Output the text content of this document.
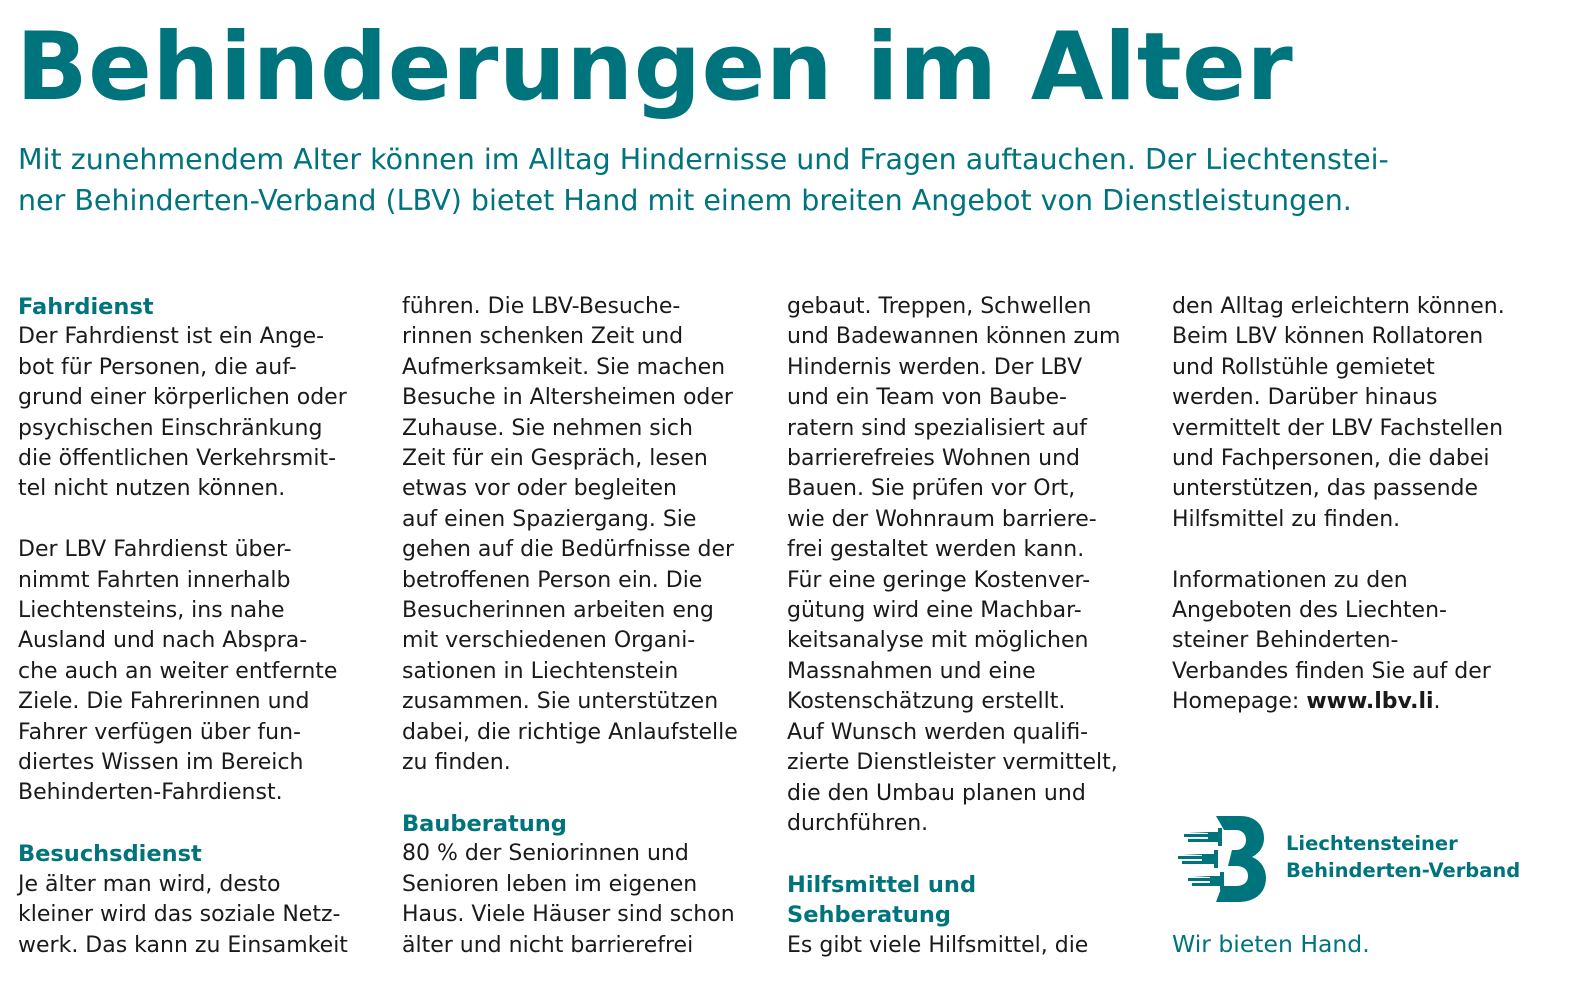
Behinderungen im Alter

Mit zunehmendem Alter können im Alltag Hindernisse und Fragen auftauchen. Der Liechtenstei-
ner Behinderten-Verband (LBV) bietet Hand mit einem breiten Angebot von Dienstleistungen.

Fahrdienst

Der Fahrdienst ist ein Ange-
bot für Personen, die auf-
grund einer körperlichen oder
psychischen Einschränkung
die öffentlichen Verkehrsmit-
tel nicht nutzen können.

Der LBV Fahrdienst über-
nimmt Fahrten innerhalb
Liechtensteins, ins nahe
Ausland und nach Abspra-
che auch an weiter entfernte
Ziele. Die Fahrerinnen und
Fahrer verfügen über fun-
diertes Wissen im Bereich
Behinderten-Fahrdienst.

Besuchsdienst

Je älter man wird, desto
kleiner wird das soziale Netz-
werk. Das kann zu Einsamkeit

führen. Die LBV-Besuche-
rinnen schenken Zeit und
Aufmerksamkeit. Sie machen
Besuche in Altersheimen oder
Zuhause. Sie nehmen sich
Zeit für ein Gespräch, lesen
etwas vor oder begleiten
auf einen Spaziergang. Sie
gehen auf die Bedürfnisse der
betroffenen Person ein. Die
Besucherinnen arbeiten eng
mit verschiedenen Organi-
sationen in Liechtenstein
zusammen. Sie unterstützen
dabei, die richtige Anlaufstelle
zu finden.

Bauberatung

80 % der Seniorinnen und
Senioren leben im eigenen
Haus. Viele Häuser sind schon
älter und nicht barrierefrei

gebaut. Treppen, Schwellen
und Badewannen können zum
Hindernis werden. Der LBV
und ein Team von Baube-
ratern sind spezialisiert auf
barrierefreies Wohnen und
Bauen. Sie prüfen vor Ort,
wie der Wohnraum barriere-
frei gestaltet werden kann.
Für eine geringe Kostenver-
gütung wird eine Machbar-
keitsanalyse mit möglichen
Massnahmen und eine
Kostenschätzung erstellt.
Auf Wunsch werden qualifi-
zierte Dienstleister vermittelt,
die den Umbau planen und
durchführen.

Hilfsmittel und
Sehberatung

Es gibt viele Hilfsmittel, die

den Alltag erleichtern können.
Beim LBV können Rollatoren
und Rollstühle gemietet
werden. Darüber hinaus
vermittelt der LBV Fachstellen
und Fachpersonen, die dabei
unterstützen, das passende
Hilfsmittel zu finden.

Informationen zu den
Angeboten des Liechten-
steiner Behinderten-
Verbandes finden Sie auf der
Homepage: www.lbv.li.

Liechtensteiner
Behinderten-Verband
Wir bieten Hand.
